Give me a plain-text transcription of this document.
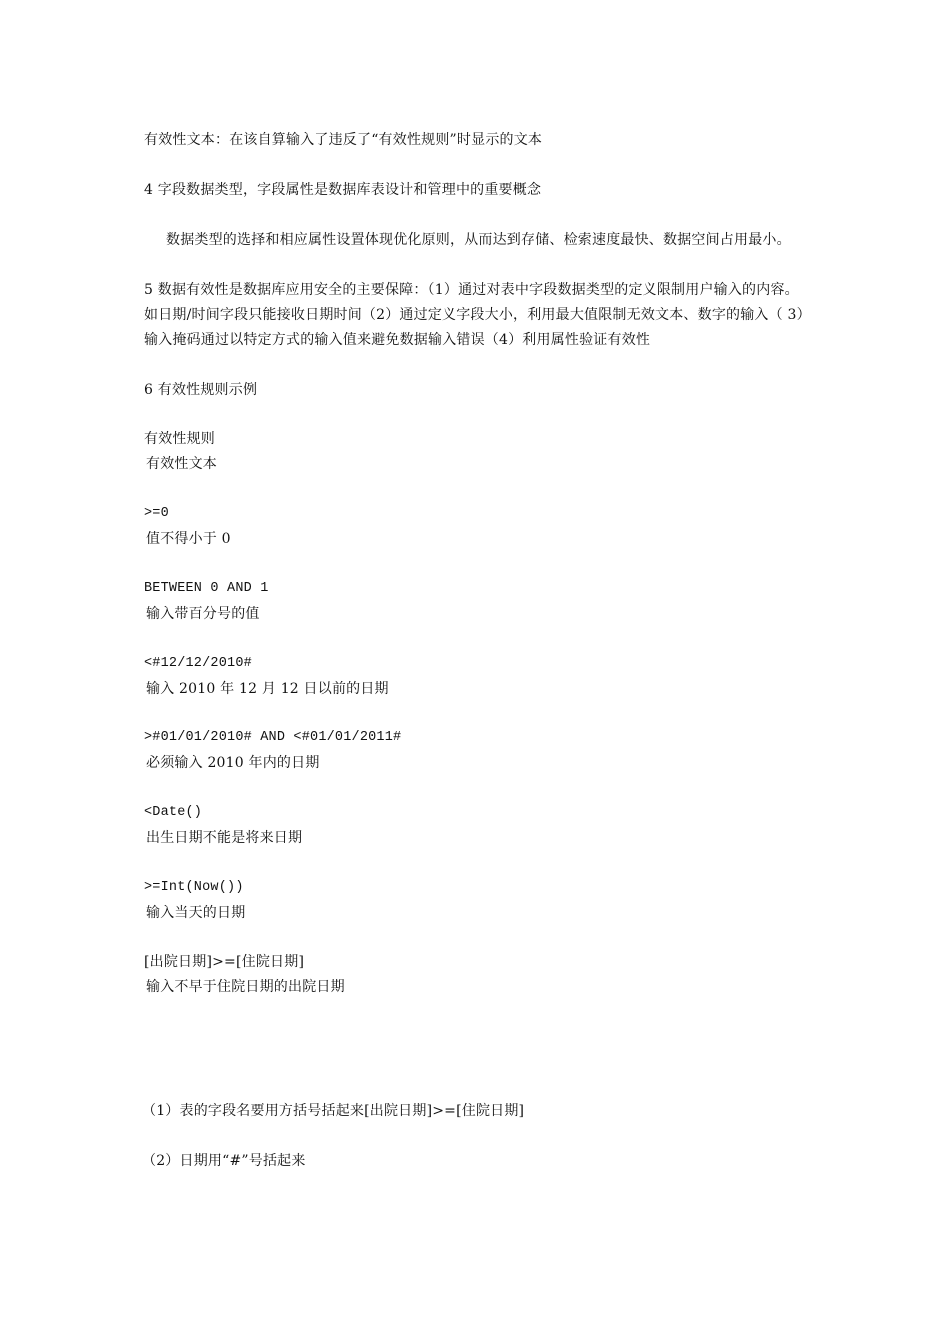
有效性文本：在该自算输入了违反了“有效性规则”时显示的文本
4 字段数据类型，字段属性是数据库表设计和管理中的重要概念
数据类型的选择和相应属性设置体现优化原则，从而达到存储、检索速度最快、数据空间占用最小。
5 数据有效性是数据库应用安全的主要保障：（1）通过对表中字段数据类型的定义限制用户输入的内容。
如日期/时间字段只能接收日期时间（2）通过定义字段大小，利用最大值限制无效文本、数字的输入（ 3）
输入掩码通过以特定方式的输入值来避免数据输入错误（4）利用属性验证有效性
6 有效性规则示例
有效性规则
有效性文本
>=0
值不得小于 0
BETWEEN 0 AND 1
输入带百分号的值
<#12/12/2010#
输入 2010 年 12 月 12 日以前的日期
>#01/01/2010# AND <#01/01/2011#
必须输入 2010 年内的日期
<Date()
出生日期不能是将来日期
>=Int(Now())
输入当天的日期
[出院日期]>=[住院日期]
输入不早于住院日期的出院日期
（1）表的字段名要用方括号括起来[出院日期]>=[住院日期]
（2）日期用“#”号括起来
